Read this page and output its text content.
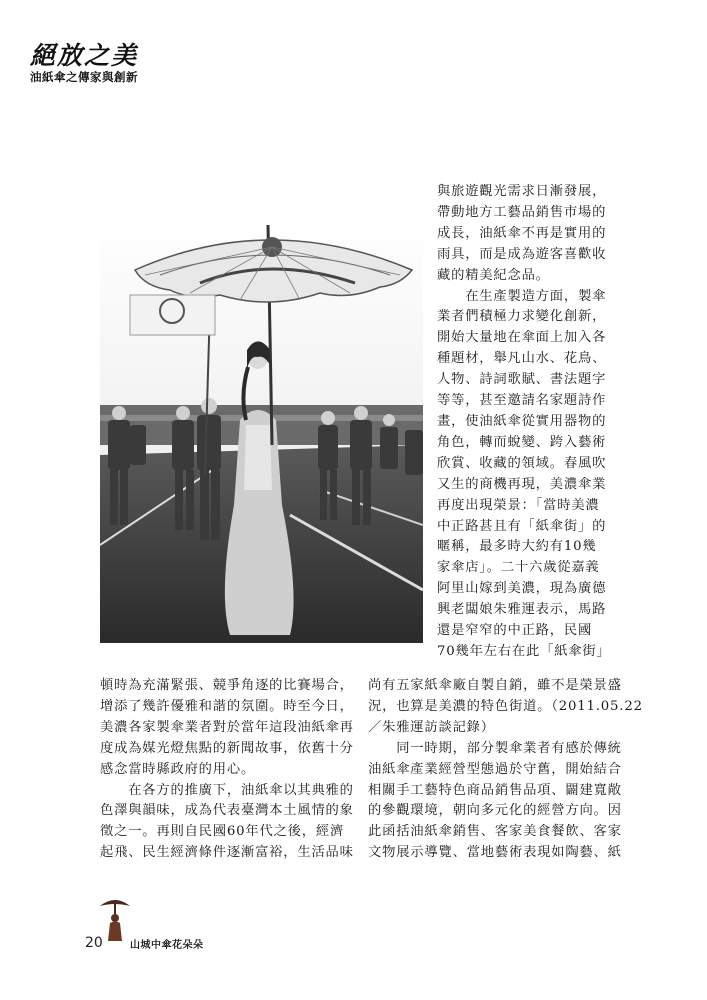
絕放之美
油紙傘之傳家與創新

與旅遊觀光需求日漸發展，

帶動地方工藝品銷售市場的

成長，油紙傘不再是實用的

雨具，而是成為遊客喜歡收

藏的精美紀念品。

　　在生產製造方面，製傘

業者們積極力求變化創新，

開始大量地在傘面上加入各

種題材，舉凡山水、花鳥、

人物、詩詞歌賦、書法題字

等等，甚至邀請名家題詩作

畫，使油紙傘從實用器物的

角色，轉而蛻變、跨入藝術

欣賞、收藏的領域。春風吹

又生的商機再現，美濃傘業

再度出現榮景：「當時美濃

中正路甚且有「紙傘街」的

暱稱，最多時大約有10幾

家傘店」。二十六歲從嘉義

阿里山嫁到美濃，現為廣德

興老闆娘朱雅運表示，馬路

還是窄窄的中正路，民國

70幾年左右在此「紙傘街」

頓時為充滿緊張、競爭角逐的比賽場合，

增添了幾許優雅和諧的氛圍。時至今日，

美濃各家製傘業者對於當年這段油紙傘再

度成為媒光燈焦點的新聞故事，依舊十分

感念當時縣政府的用心。

　　在各方的推廣下，油紙傘以其典雅的

色澤與韻味，成為代表臺灣本土風情的象

徵之一。再則自民國60年代之後，經濟

起飛、民生經濟條件逐漸富裕，生活品味

尚有五家紙傘廠自製自銷，雖不是榮景盛

況，也算是美濃的特色街道。（2011.05.22

／朱雅運訪談記錄）

　　同一時期，部分製傘業者有感於傳統

油紙傘產業經營型態過於守舊，開始結合

相關手工藝特色商品銷售品項、闢建寬敞

的參觀環境，朝向多元化的經營方向。因

此函括油紙傘銷售、客家美食餐飲、客家

文物展示導覽、當地藝術表現如陶藝、紙

20	山城中傘花朵朵
